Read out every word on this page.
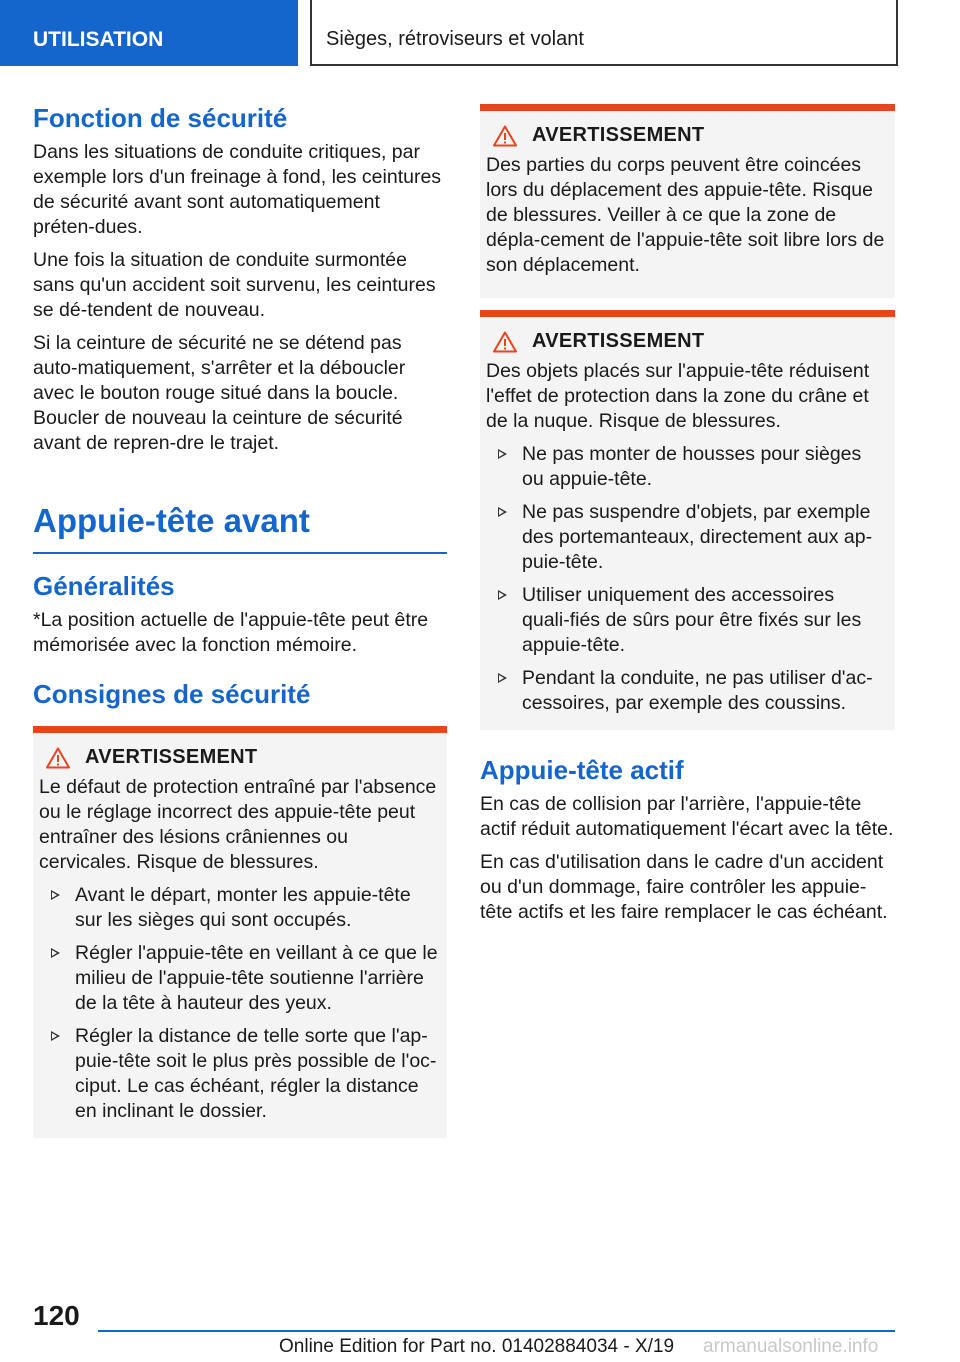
UTILISATION	Sièges, rétroviseurs et volant
Fonction de sécurité

Dans les situations de conduite critiques, par exemple lors d'un freinage à fond, les ceintures de sécurité avant sont automatiquement préten-dues.

Une fois la situation de conduite surmontée sans qu'un accident soit survenu, les ceintures se dé-tendent de nouveau.

Si la ceinture de sécurité ne se détend pas auto-matiquement, s'arrêter et la déboucler avec le bouton rouge situé dans la boucle. Boucler de nouveau la ceinture de sécurité avant de repren-dre le trajet.

Appuie-tête avant
Généralités

*La position actuelle de l'appuie-tête peut être mémorisée avec la fonction mémoire.

Consignes de sécurité
AVERTISSEMENT

Le défaut de protection entraîné par l'absence ou le réglage incorrect des appuie-tête peut entraîner des lésions crâniennes ou cervicales. Risque de blessures.

Avant le départ, monter les appuie-tête sur les sièges qui sont occupés.
Régler l'appuie-tête en veillant à ce que le milieu de l'appuie-tête soutienne l'arrière de la tête à hauteur des yeux.
Régler la distance de telle sorte que l'ap-puie-tête soit le plus près possible de l'oc-ciput. Le cas échéant, régler la distance en inclinant le dossier.
AVERTISSEMENT

Des parties du corps peuvent être coincées lors du déplacement des appuie-tête. Risque de blessures. Veiller à ce que la zone de dépla-cement de l'appuie-tête soit libre lors de son déplacement.

AVERTISSEMENT

Des objets placés sur l'appuie-tête réduisent l'effet de protection dans la zone du crâne et de la nuque. Risque de blessures.

Ne pas monter de housses pour sièges ou appuie-tête.
Ne pas suspendre d'objets, par exemple des portemanteaux, directement aux ap-puie-tête.
Utiliser uniquement des accessoires quali-fiés de sûrs pour être fixés sur les appuie-tête.
Pendant la conduite, ne pas utiliser d'ac-cessoires, par exemple des coussins.
Appuie-tête actif

En cas de collision par l'arrière, l'appuie-tête actif réduit automatiquement l'écart avec la tête.

En cas d'utilisation dans le cadre d'un accident ou d'un dommage, faire contrôler les appuie-tête actifs et les faire remplacer le cas échéant.

120
Online Edition for Part no. 01402884034 - X/19 armanualsonline.info
